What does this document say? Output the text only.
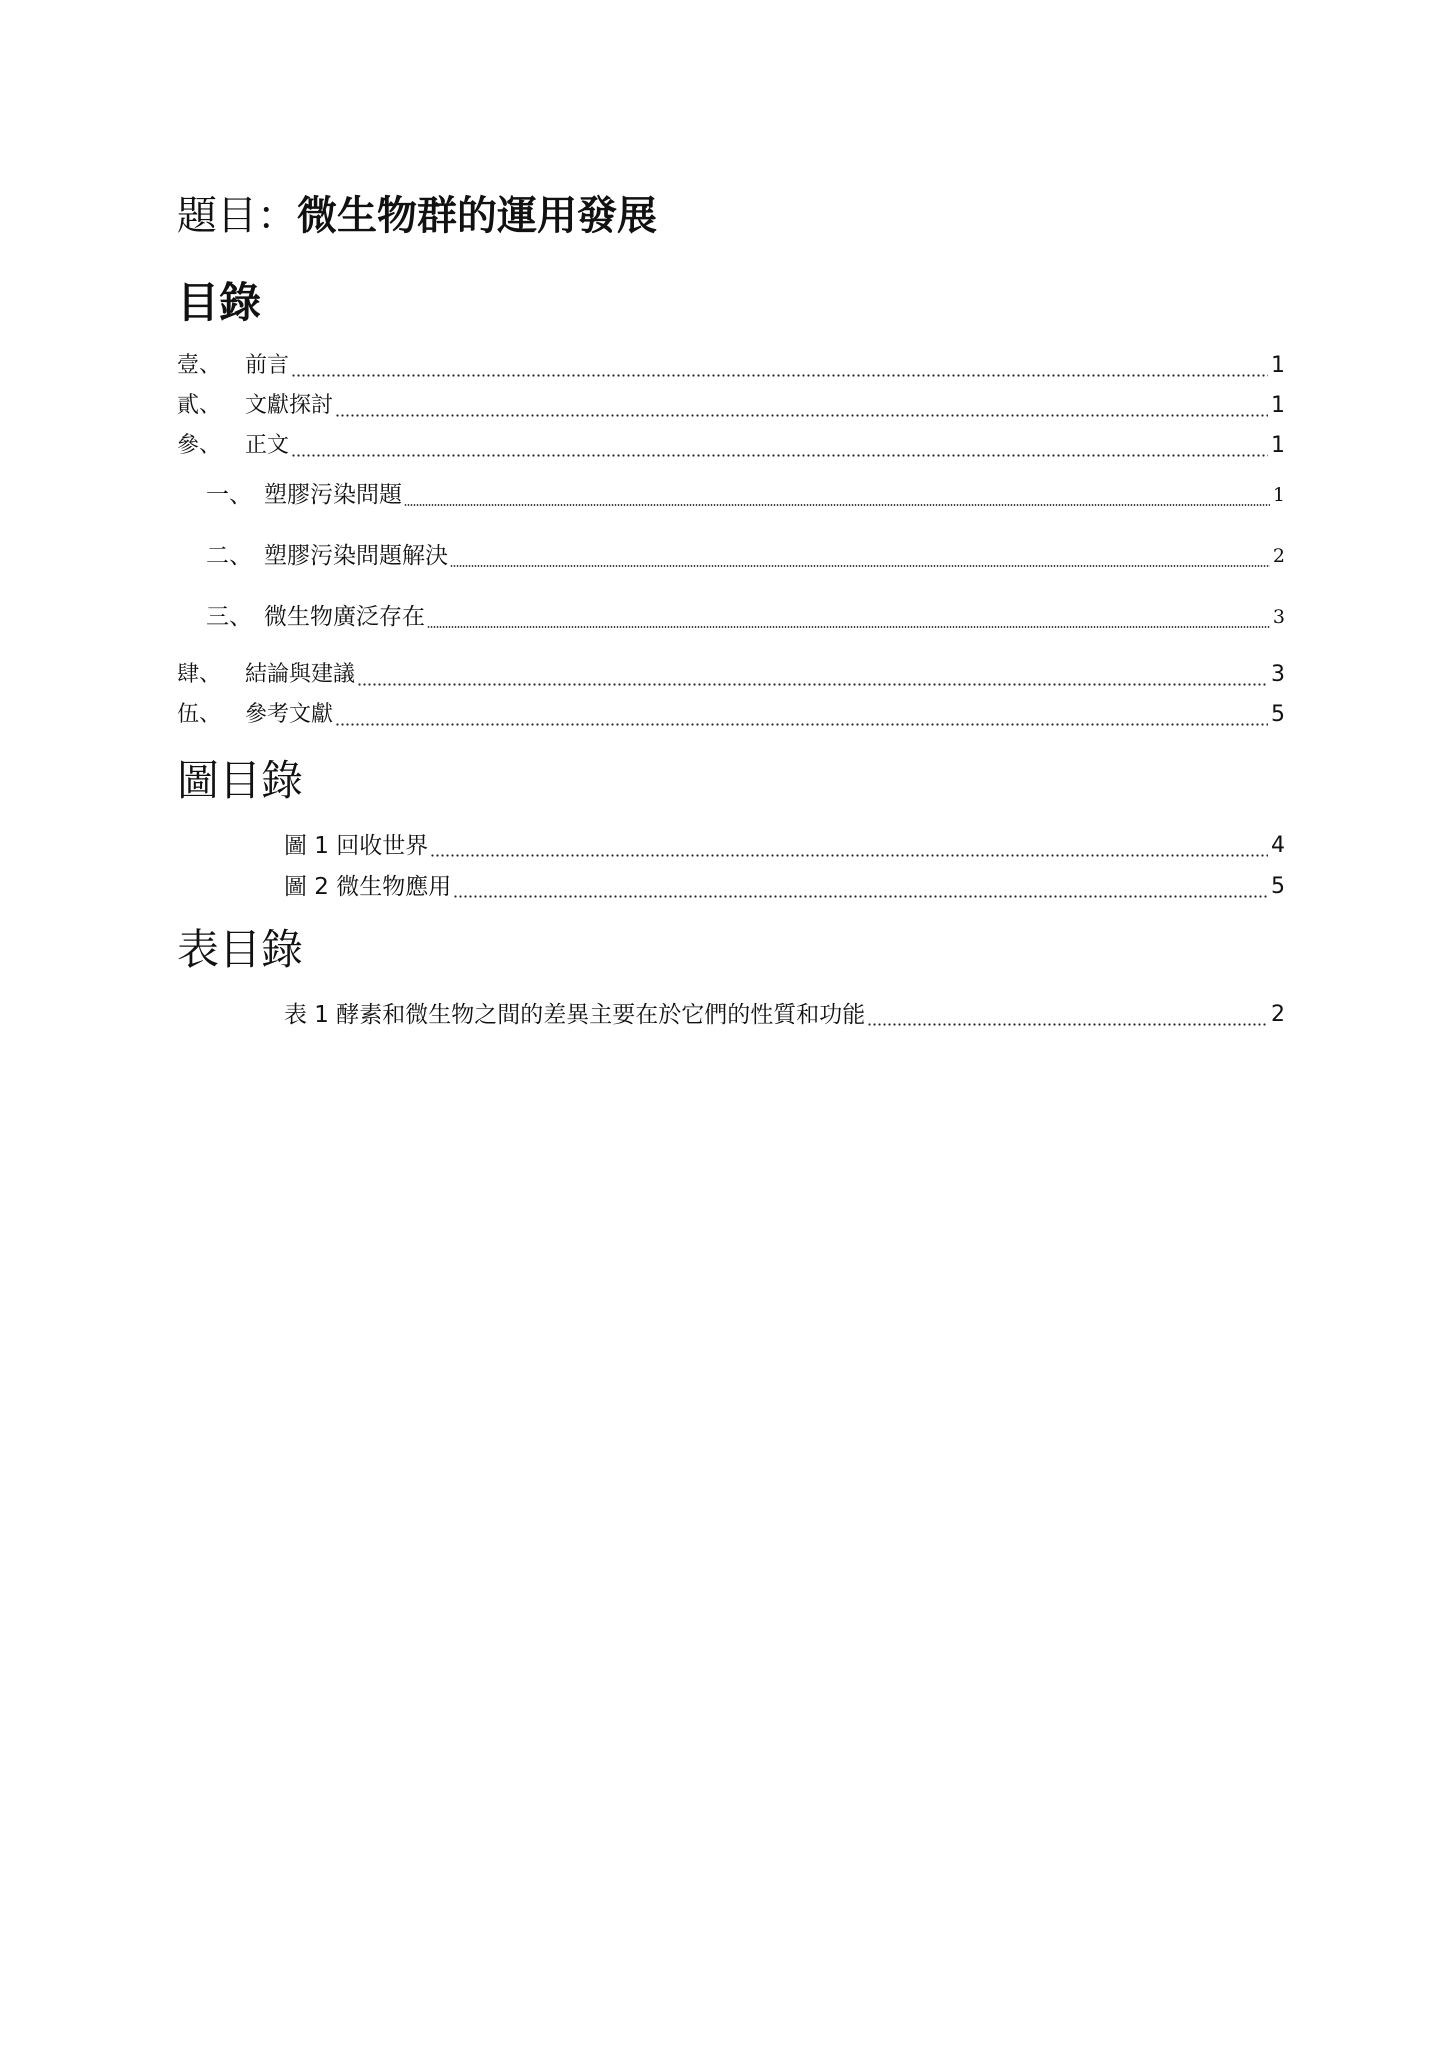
題目：微生物群的運用發展
目錄
壹、 前言	1
貳、 文獻探討	1
參、 正文	1
一、 塑膠污染問題	1
二、 塑膠污染問題解決	2
三、 微生物廣泛存在	3
肆、 結論與建議	3
伍、 參考文獻	5
圖目錄
圖 1 回收世界	4
圖 2 微生物應用	5
表目錄
表 1 酵素和微生物之間的差異主要在於它們的性質和功能	2
